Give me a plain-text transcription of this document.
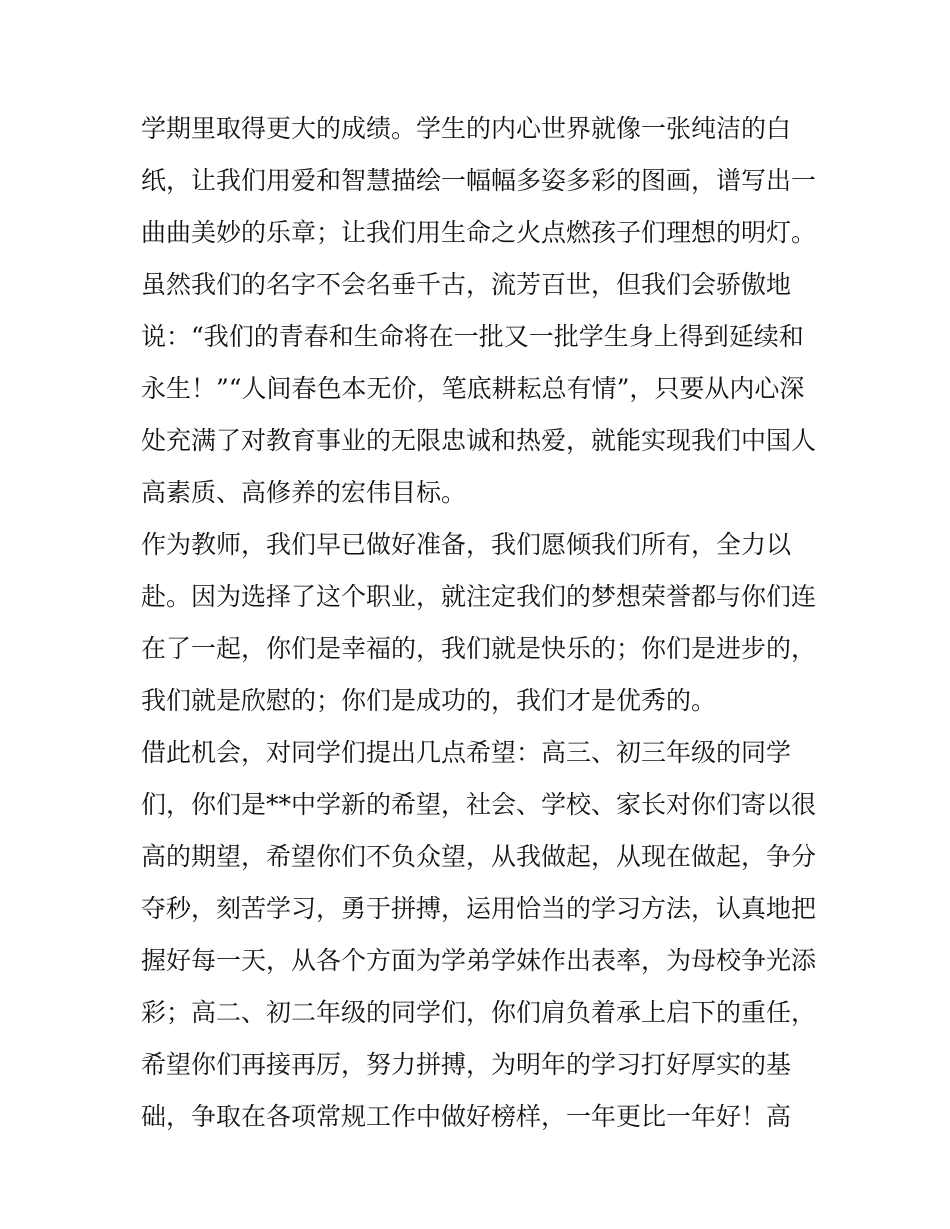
学期里取得更大的成绩。学生的内心世界就像一张纯洁的白
纸，让我们用爱和智慧描绘一幅幅多姿多彩的图画，谱写出一
曲曲美妙的乐章；让我们用生命之火点燃孩子们理想的明灯。
虽然我们的名字不会名垂千古，流芳百世，但我们会骄傲地
说：“我们的青春和生命将在一批又一批学生身上得到延续和
永生！”“人间春色本无价，笔底耕耘总有情”，只要从内心深
处充满了对教育事业的无限忠诚和热爱，就能实现我们中国人
高素质、高修养的宏伟目标。
作为教师，我们早已做好准备，我们愿倾我们所有，全力以
赴。因为选择了这个职业，就注定我们的梦想荣誉都与你们连
在了一起，你们是幸福的，我们就是快乐的；你们是进步的，
我们就是欣慰的；你们是成功的，我们才是优秀的。
借此机会，对同学们提出几点希望：高三、初三年级的同学
们，你们是**中学新的希望，社会、学校、家长对你们寄以很
高的期望，希望你们不负众望，从我做起，从现在做起，争分
夺秒，刻苦学习，勇于拼搏，运用恰当的学习方法，认真地把
握好每一天，从各个方面为学弟学妹作出表率，为母校争光添
彩；高二、初二年级的同学们，你们肩负着承上启下的重任，
希望你们再接再厉，努力拼搏，为明年的学习打好厚实的基
础，争取在各项常规工作中做好榜样，一年更比一年好！高
